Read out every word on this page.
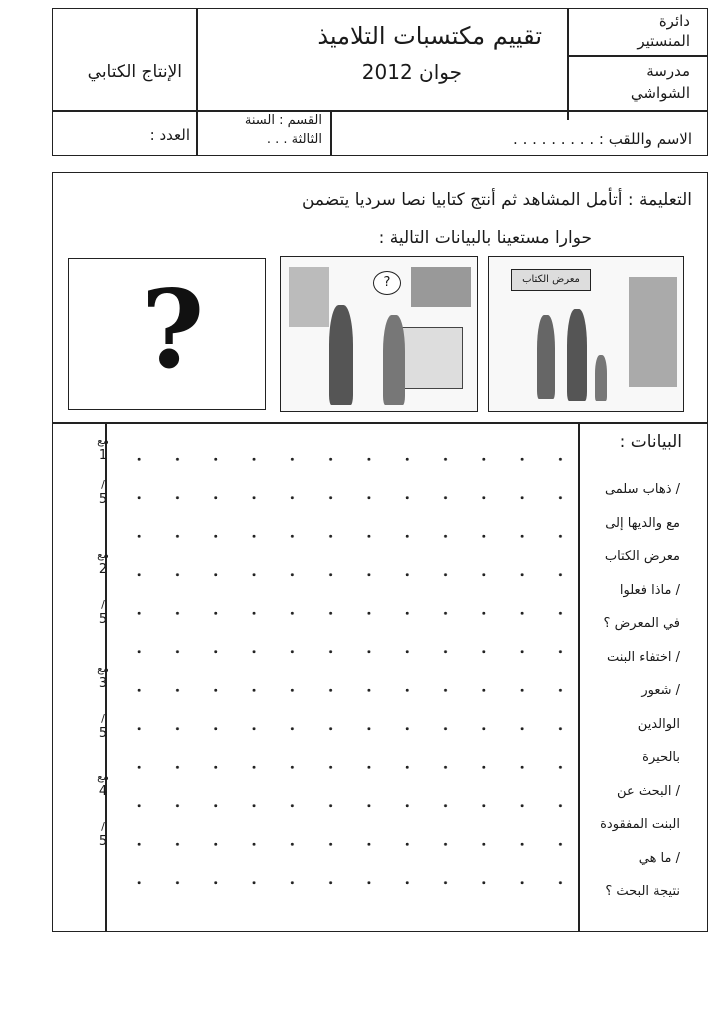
دائرة
المنستير
مدرسة
الشواشي
تقييم مكتسبات التلاميذ
جوان 2012
الإنتاج الكتابي
الاسم واللقب : . . . . . . . . .
القسم : السنة
الثالثة . . .
العدد :
التعليمة : أتأمل المشاهد ثم أنتج كتابيا نصا سرديا يتضمن
حوارا مستعينا بالبيانات التالية :
?	?	معرض الكتاب
مع
1
/
5
مع
2
/
5
مع
3
/
5
مع
4
/
5
البيانات :
/ ذهاب سلمى
مع والديها إلى
معرض الكتاب
/ ماذا فعلوا
في المعرض ؟
/ اختفاء البنت
/ شعور
الوالدين
بالحيرة
/ البحث عن
البنت المفقودة
/ ما هي
نتيجة البحث ؟
